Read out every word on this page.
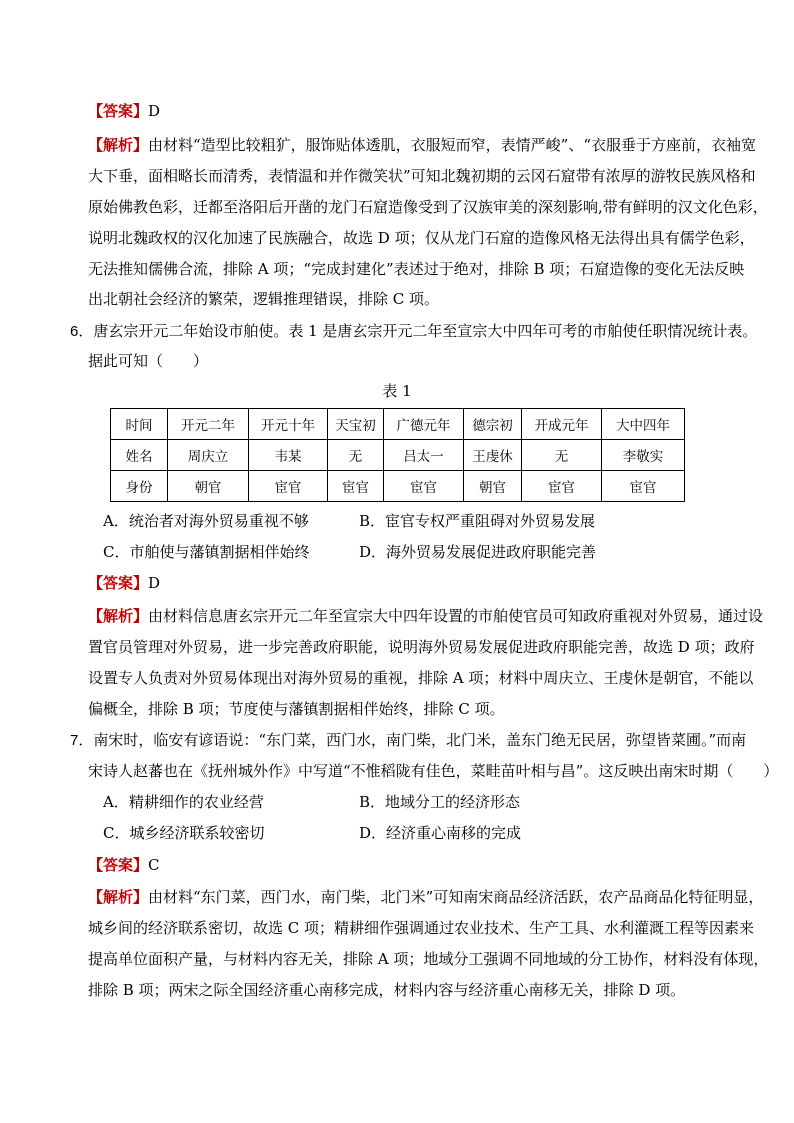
【答案】D
【解析】由材料“造型比较粗犷，服饰贴体透肌，衣服短而窄，表情严峻”、“衣服垂于方座前，衣袖宽
大下垂，面相略长而清秀，表情温和并作微笑状”可知北魏初期的云冈石窟带有浓厚的游牧民族风格和
原始佛教色彩，迁都至洛阳后开凿的龙门石窟造像受到了汉族审美的深刻影响,带有鲜明的汉文化色彩，
说明北魏政权的汉化加速了民族融合，故选 D 项；仅从龙门石窟的造像风格无法得出具有儒学色彩，
无法推知儒佛合流，排除 A 项；“完成封建化”表述过于绝对，排除 B 项；石窟造像的变化无法反映
出北朝社会经济的繁荣，逻辑推理错误，排除 C 项。
6．唐玄宗开元二年始设市舶使。表 1 是唐玄宗开元二年至宣宗大中四年可考的市舶使任职情况统计表。
据此可知（　　）
表 1
时间	开元二年	开元十年	天宝初	广德元年	德宗初	开成元年	大中四年
姓名	周庆立	韦某	无	吕太一	王虔休	无	李敬实
身份	朝官	宦官	宦官	宦官	朝官	宦官	宦官
A．统治者对海外贸易重视不够	B．宦官专权严重阻碍对外贸易发展
C．市舶使与藩镇割据相伴始终	D．海外贸易发展促进政府职能完善
【答案】D
【解析】由材料信息唐玄宗开元二年至宣宗大中四年设置的市舶使官员可知政府重视对外贸易，通过设
置官员管理对外贸易，进一步完善政府职能，说明海外贸易发展促进政府职能完善，故选 D 项；政府
设置专人负责对外贸易体现出对海外贸易的重视，排除 A 项；材料中周庆立、王虔休是朝官，不能以
偏概全，排除 B 项；节度使与藩镇割据相伴始终，排除 C 项。
7．南宋时，临安有谚语说：“东门菜，西门水，南门柴，北门米，盖东门绝无民居，弥望皆菜圃。”而南
宋诗人赵蕃也在《抚州城外作》中写道“不惟稻陇有佳色，菜畦苗叶相与昌”。这反映出南宋时期（　　）
A．精耕细作的农业经营	B．地域分工的经济形态
C．城乡经济联系较密切	D．经济重心南移的完成
【答案】C
【解析】由材料“东门菜，西门水，南门柴，北门米”可知南宋商品经济活跃，农产品商品化特征明显，
城乡间的经济联系密切，故选 C 项；精耕细作强调通过农业技术、生产工具、水利灌溉工程等因素来
提高单位面积产量，与材料内容无关，排除 A 项；地域分工强调不同地域的分工协作，材料没有体现，
排除 B 项；两宋之际全国经济重心南移完成，材料内容与经济重心南移无关，排除 D 项。
